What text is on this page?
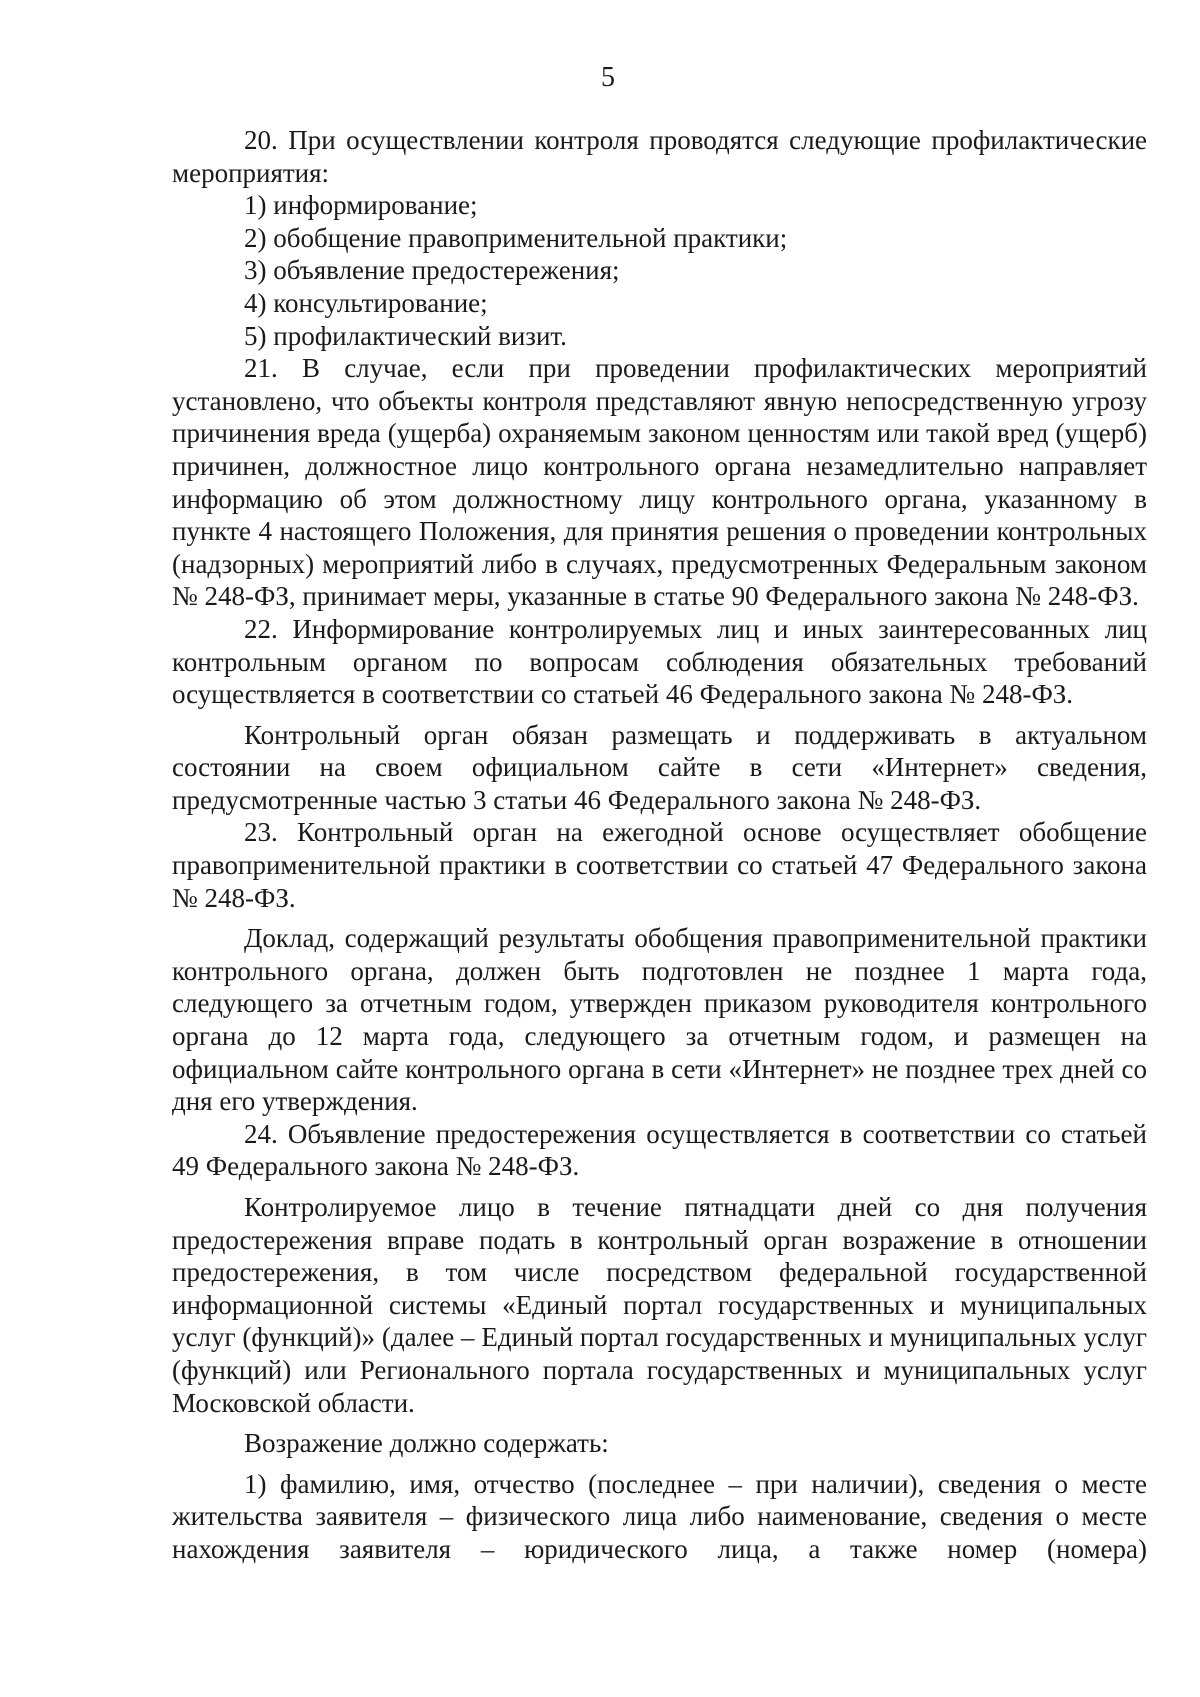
5

20. При осуществлении контроля проводятся следующие профилактические мероприятия:

1) информирование;

2) обобщение правоприменительной практики;

3) объявление предостережения;

4) консультирование;

5) профилактический визит.

21. В случае, если при проведении профилактических мероприятий установлено, что объекты контроля представляют явную непосредственную угрозу причинения вреда (ущерба) охраняемым законом ценностям или такой вред (ущерб) причинен, должностное лицо контрольного органа незамедлительно направляет информацию об этом должностному лицу контрольного органа, указанному в пункте 4 настоящего Положения, для принятия решения о проведении контрольных (надзорных) мероприятий либо в случаях, предусмотренных Федеральным законом № 248-ФЗ, принимает меры, указанные в статье 90 Федерального закона № 248-ФЗ.

22. Информирование контролируемых лиц и иных заинтересованных лиц контрольным органом по вопросам соблюдения обязательных требований осуществляется в соответствии со статьей 46 Федерального закона № 248-ФЗ.

Контрольный орган обязан размещать и поддерживать в актуальном состоянии на своем официальном сайте в сети «Интернет» сведения, предусмотренные частью 3 статьи 46 Федерального закона № 248-ФЗ.

23. Контрольный орган на ежегодной основе осуществляет обобщение правоприменительной практики в соответствии со статьей 47 Федерального закона № 248-ФЗ.

Доклад, содержащий результаты обобщения правоприменительной практики контрольного органа, должен быть подготовлен не позднее 1 марта года, следующего за отчетным годом, утвержден приказом руководителя контрольного органа до 12 марта года, следующего за отчетным годом, и размещен на официальном сайте контрольного органа в сети «Интернет» не позднее трех дней со дня его утверждения.

24. Объявление предостережения осуществляется в соответствии со статьей 49 Федерального закона № 248-ФЗ.

Контролируемое лицо в течение пятнадцати дней со дня получения предостережения вправе подать в контрольный орган возражение в отношении предостережения, в том числе посредством федеральной государственной информационной системы «Единый портал государственных и муниципальных услуг (функций)» (далее – Единый портал государственных и муниципальных услуг (функций) или Регионального портала государственных и муниципальных услуг Московской области.

Возражение должно содержать:

1) фамилию, имя, отчество (последнее – при наличии), сведения о месте жительства заявителя – физического лица либо наименование, сведения о месте нахождения заявителя – юридического лица, а также номер (номера)
